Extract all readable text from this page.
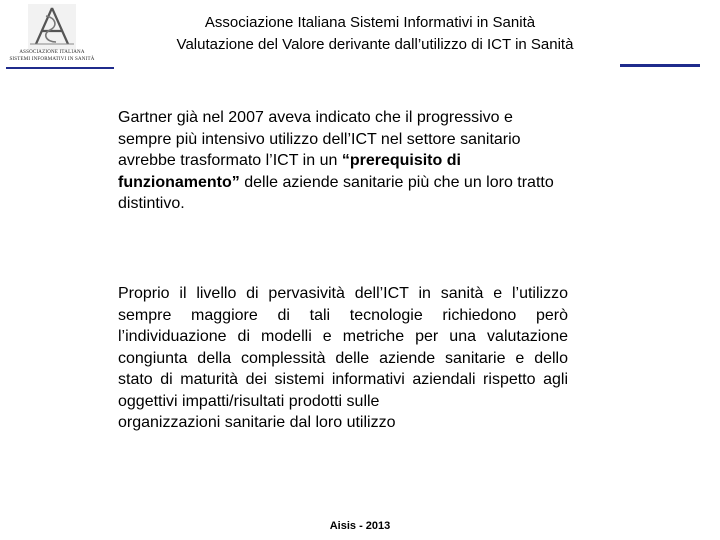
ASSOCIAZIONE ITALIANA
SISTEMI INFORMATIVI IN SANITÀ
Associazione Italiana Sistemi Informativi in Sanità
Valutazione del Valore derivante dall’utilizzo di ICT in Sanità
Gartner già nel 2007 aveva indicato che il progressivo e sempre più intensivo utilizzo dell’ICT nel settore sanitario avrebbe trasformato l’ICT in un “prerequisito di funzionamento” delle aziende sanitarie più che un loro tratto distintivo.
Proprio il livello di pervasività dell’ICT in sanità e l’utilizzo sempre maggiore di tali tecnologie richiedono però l’individuazione di modelli e metriche per una valutazione congiunta della complessità delle aziende sanitarie e dello stato di maturità dei sistemi informativi aziendali rispetto agli oggettivi impatti/risultati prodotti sulle
organizzazioni sanitarie dal loro utilizzo
Aisis - 2013
